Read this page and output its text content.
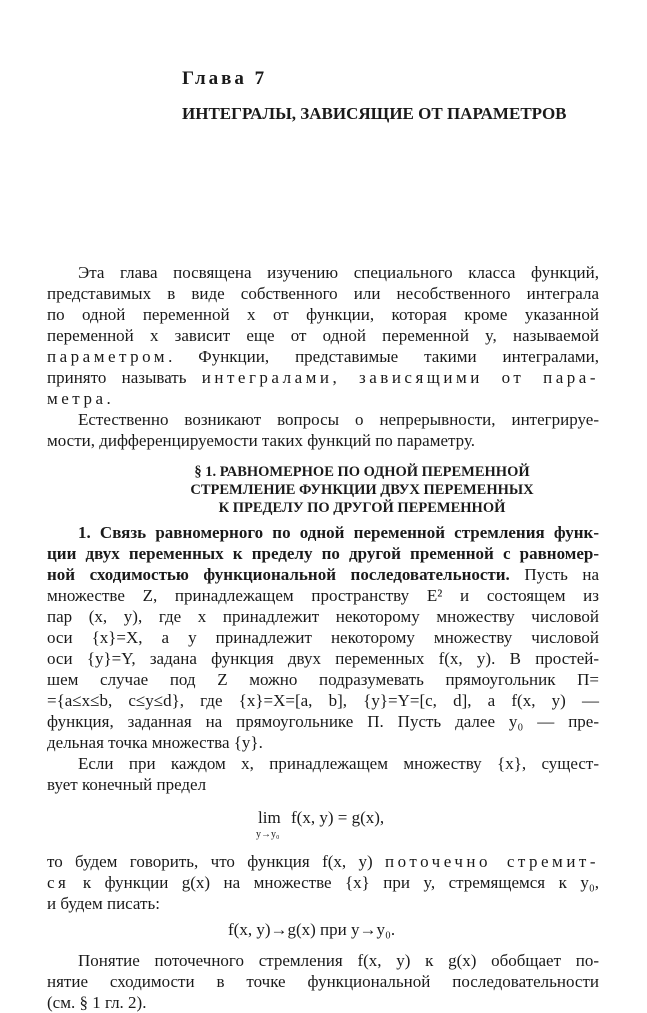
Глава 7
ИНТЕГРАЛЫ, ЗАВИСЯЩИЕ ОТ ПАРАМЕТРОВ
Эта глава посвящена изучению специального класса функций,
представимых в виде собственного или несобственного интеграла
по одной переменной x от функции, которая кроме указанной
переменной x зависит еще от одной переменной y, называемой
параметром. Функции, представимые такими интегралами,
принято называть интегралами, зависящими от пара-
метра.
Естественно возникают вопросы о непрерывности, интегрируе-
мости, дифференцируемости таких функций по параметру.
§ 1. РАВНОМЕРНОЕ ПО ОДНОЙ ПЕРЕМЕННОЙ
СТРЕМЛЕНИЕ ФУНКЦИИ ДВУХ ПЕРЕМЕННЫХ
К ПРЕДЕЛУ ПО ДРУГОЙ ПЕРЕМЕННОЙ
1. Связь равномерного по одной переменной стремления функ-
ции двух переменных к пределу по другой пременной с равномер-
ной сходимостью функциональной последовательности. Пусть на
множестве Z, принадлежащем пространству E² и состоящем из
пар (x, y), где x принадлежит некоторому множеству числовой
оси {x}=X, а y принадлежит некоторому множеству числовой
оси {y}=Y, задана функция двух переменных f(x, y). В простей-
шем случае под Z можно подразумевать прямоугольник П=
={a≤x≤b, c≤y≤d}, где {x}=X=[a, b], {y}=Y=[c, d], а f(x, y) —
функция, заданная на прямоугольнике П. Пусть далее y₀ — пре-
дельная точка множества {y}.
Если при каждом x, принадлежащем множеству {x}, сущест-
вует конечный предел
lim
y→y₀
f(x, y) = g(x),
то будем говорить, что функция f(x, y) поточечно стремит-
ся к функции g(x) на множестве {x} при y, стремящемся к y₀,
и будем писать:
f(x, y)→g(x) при y→y₀.
Понятие поточечного стремления f(x, y) к g(x) обобщает по-
нятие сходимости в точке функциональной последовательности
(см. § 1 гл. 2).
